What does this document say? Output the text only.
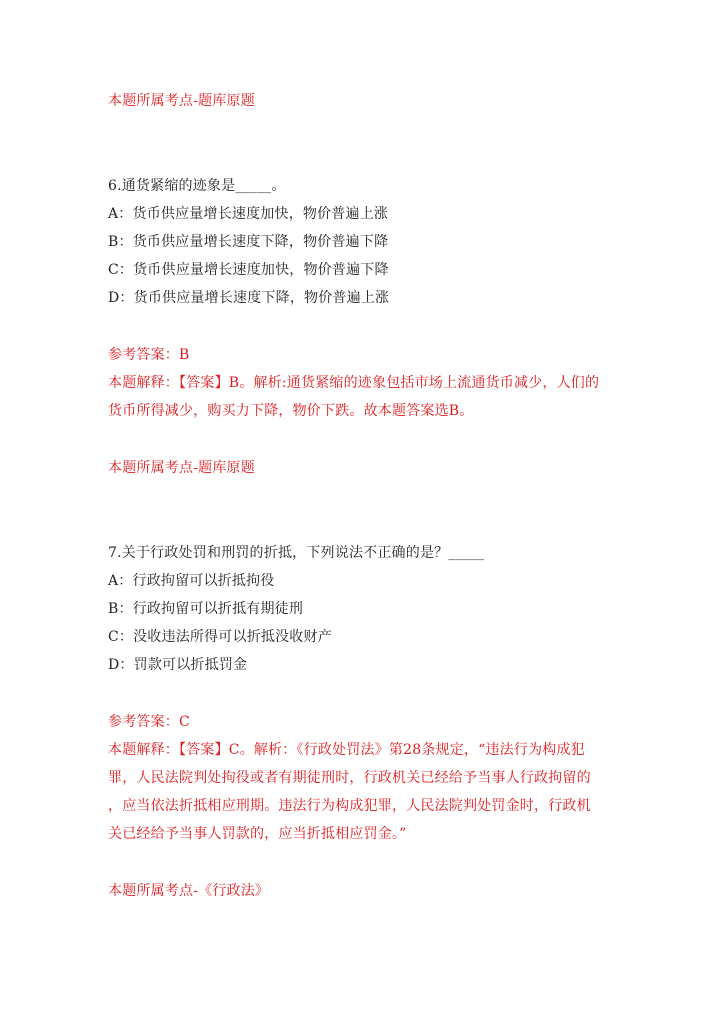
本题所属考点-题库原题
6.通货紧缩的迹象是_____。
A：货币供应量增长速度加快，物价普遍上涨
B：货币供应量增长速度下降，物价普遍下降
C：货币供应量增长速度加快，物价普遍下降
D：货币供应量增长速度下降，物价普遍上涨
参考答案：B
本题解释：【答案】B。解析:通货紧缩的迹象包括市场上流通货币减少，人们的
货币所得减少，购买力下降，物价下跌。故本题答案选B。
本题所属考点-题库原题
7.关于行政处罚和刑罚的折抵，下列说法不正确的是？_____
A：行政拘留可以折抵拘役
B：行政拘留可以折抵有期徒刑
C：没收违法所得可以折抵没收财产
D：罚款可以折抵罚金
参考答案：C
本题解释：【答案】C。解析：《行政处罚法》第28条规定，“违法行为构成犯
罪，人民法院判处拘役或者有期徒刑时，行政机关已经给予当事人行政拘留的
，应当依法折抵相应刑期。违法行为构成犯罪，人民法院判处罚金时，行政机
关已经给予当事人罚款的，应当折抵相应罚金。”
本题所属考点-《行政法》
